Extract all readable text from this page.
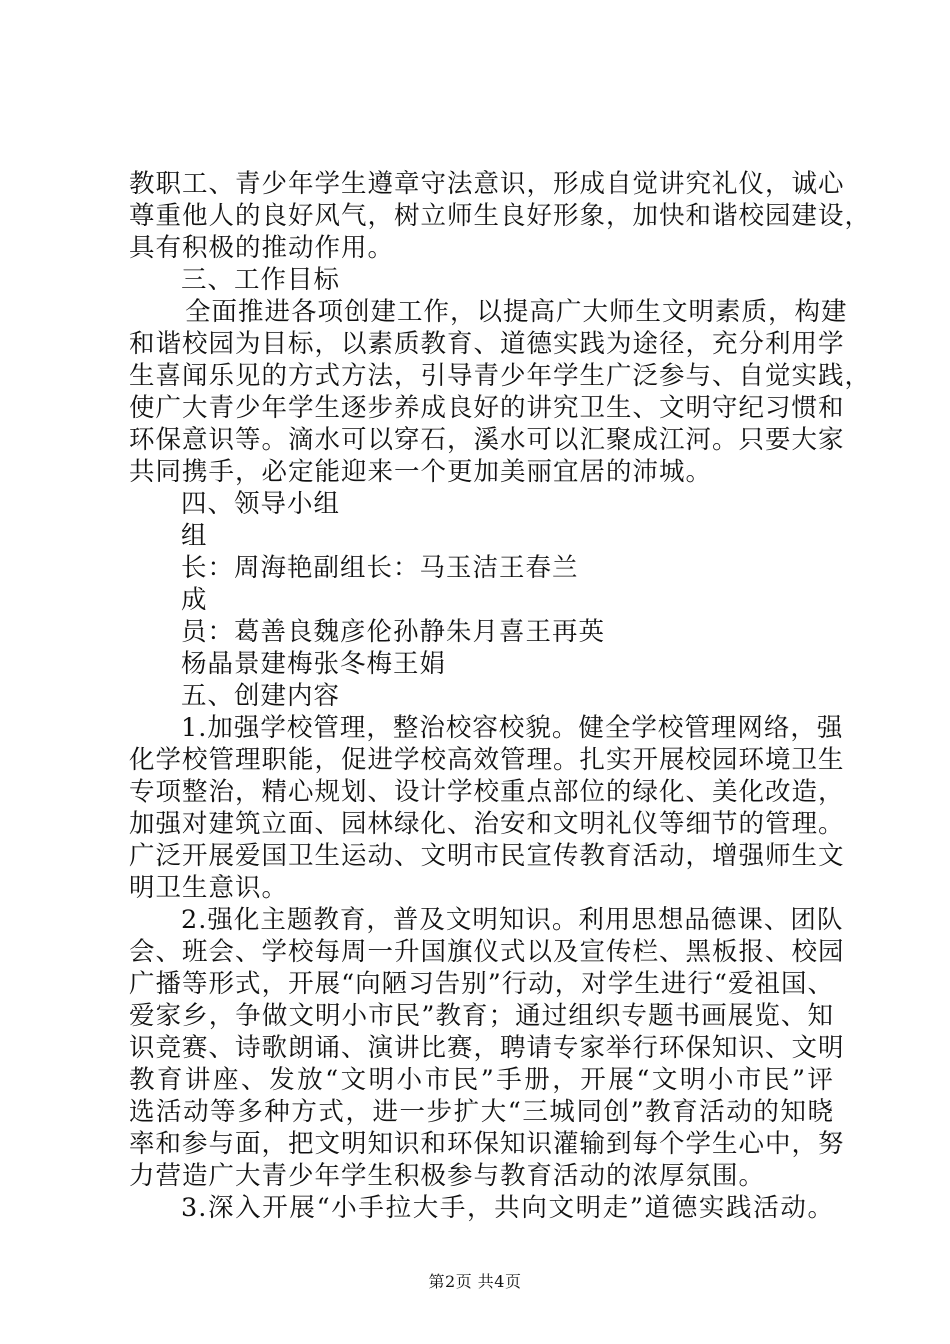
教职工、青少年学生遵章守法意识，形成自觉讲究礼仪，诚心
尊重他人的良好风气，树立师生良好形象，加快和谐校园建设，
具有积极的推动作用。
三、工作目标
全面推进各项创建工作，以提高广大师生文明素质，构建
和谐校园为目标，以素质教育、道德实践为途径，充分利用学
生喜闻乐见的方式方法，引导青少年学生广泛参与、自觉实践，
使广大青少年学生逐步养成良好的讲究卫生、文明守纪习惯和
环保意识等。滴水可以穿石，溪水可以汇聚成江河。只要大家
共同携手，必定能迎来一个更加美丽宜居的沛城。
四、领导小组
组
长：周海艳副组长：马玉洁王春兰
成
员：葛善良魏彦伦孙静朱月喜王再英
杨晶景建梅张冬梅王娟
五、创建内容
1.加强学校管理，整治校容校貌。健全学校管理网络，强
化学校管理职能，促进学校高效管理。扎实开展校园环境卫生
专项整治，精心规划、设计学校重点部位的绿化、美化改造，
加强对建筑立面、园林绿化、治安和文明礼仪等细节的管理。
广泛开展爱国卫生运动、文明市民宣传教育活动，增强师生文
明卫生意识。
2.强化主题教育，普及文明知识。利用思想品德课、团队
会、班会、学校每周一升国旗仪式以及宣传栏、黑板报、校园
广播等形式，开展“向陋习告别”行动，对学生进行“爱祖国、
爱家乡，争做文明小市民”教育；通过组织专题书画展览、知
识竞赛、诗歌朗诵、演讲比赛，聘请专家举行环保知识、文明
教育讲座、发放“文明小市民”手册，开展“文明小市民”评
选活动等多种方式，进一步扩大“三城同创”教育活动的知晓
率和参与面，把文明知识和环保知识灌输到每个学生心中，努
力营造广大青少年学生积极参与教育活动的浓厚氛围。
3.深入开展“小手拉大手，共向文明走”道德实践活动。
第2页 共4页
